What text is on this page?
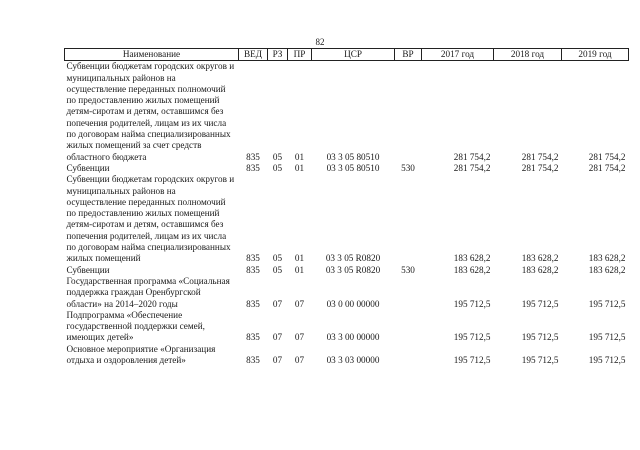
82
Наименование	ВЕД	РЗ	ПР	ЦСР	ВР	2017 год	2018 год	2019 год
Субвенции бюджетам городских округов и муниципальных районов на осуществление переданных полномочий по предоставлению жилых помещений детям-сиротам и детям, оставшимся без попечения родителей, лицам из их числа по договорам найма специализированных жилых помещений за счет средств областного бюджета	835	05	01	03 3 05 80510		281 754,2	281 754,2	281 754,2
Субвенции	835	05	01	03 3 05 80510	530	281 754,2	281 754,2	281 754,2
Субвенции бюджетам городских округов и муниципальных районов на осуществление переданных полномочий по предоставлению жилых помещений детям-сиротам и детям, оставшимся без попечения родителей, лицам из их числа по договорам найма специализированных жилых помещений	835	05	01	03 3 05 R0820		183 628,2	183 628,2	183 628,2
Субвенции	835	05	01	03 3 05 R0820	530	183 628,2	183 628,2	183 628,2
Государственная программа «Социальная поддержка граждан Оренбургской области» на 2014–2020 годы	835	07	07	03 0 00 00000		195 712,5	195 712,5	195 712,5
Подпрограмма «Обеспечение государственной поддержки семей, имеющих детей»	835	07	07	03 3 00 00000		195 712,5	195 712,5	195 712,5
Основное мероприятие «Организация отдыха и оздоровления детей»	835	07	07	03 3 03 00000		195 712,5	195 712,5	195 712,5
